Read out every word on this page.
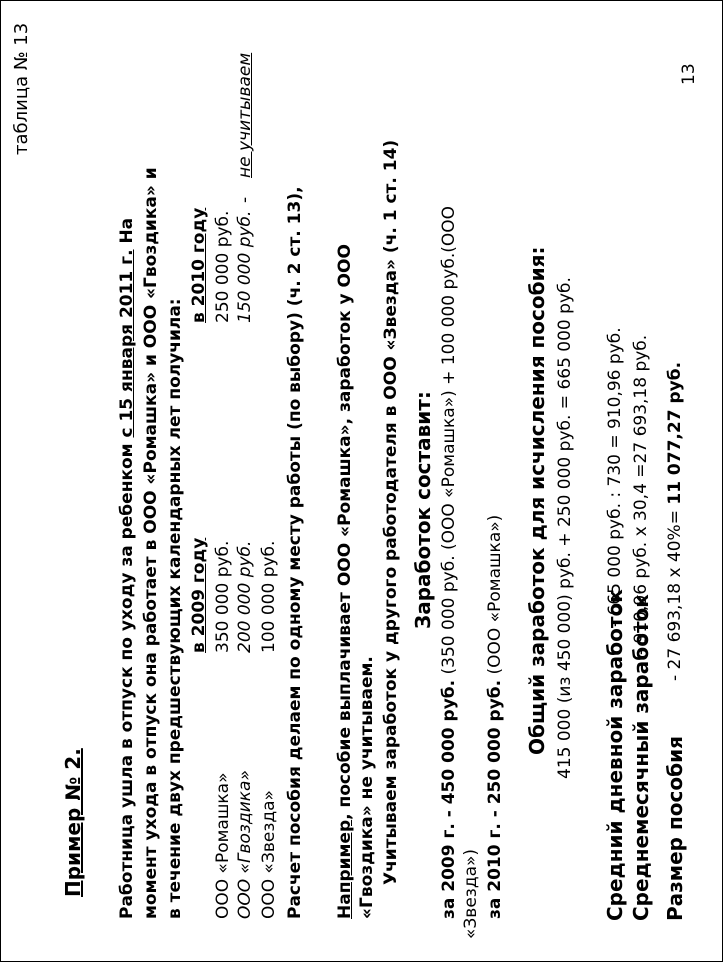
таблица № 13
Пример № 2. Работница ушла в отпуск по уходу за ребенком с 15 января 2011 г. На момент ухода в отпуск она работает в ООО «Ромашка» и ООО «Гвоздика» и в течение двух предшествующих календарных лет получила: в 2009 году
в 2010 году
ООО «Ромашка»
350 000 руб.
250 000 руб.
ООО «Гвоздика»
200 000 руб.
150 000 руб.
-
не учитываем
ООО «Звезда»
100 000 руб. Расчет пособия делаем по одному месту работы (по выбору) (ч. 2 ст. 13), Например, пособие выплачивает ООО «Ромашка», заработок у ООО «Гвоздика» не учитываем. Учитываем заработок у другого работодателя в ООО «Звезда» (ч. 1 ст. 14) Заработок составит:
за 2009 г. - 450 000 руб. (350 000 руб. (ООО «Ромашка») + 100 000 руб.(ООО
«Звезда») за 2010 г. - 250 000 руб. (ООО «Ромашка») Общий заработок для исчисления пособия: 415 000 (из 450 000) руб. + 250 000 руб. = 665 000 руб. Средний дневной заработок
- 665 000 руб. : 730 = 910,96 руб.
Среднемесячный заработок
- 910,96 руб. х 30,4 =27 693,18 руб.
Размер пособия
- 27 693,18 х 40%= 11 077,27 руб.
13
